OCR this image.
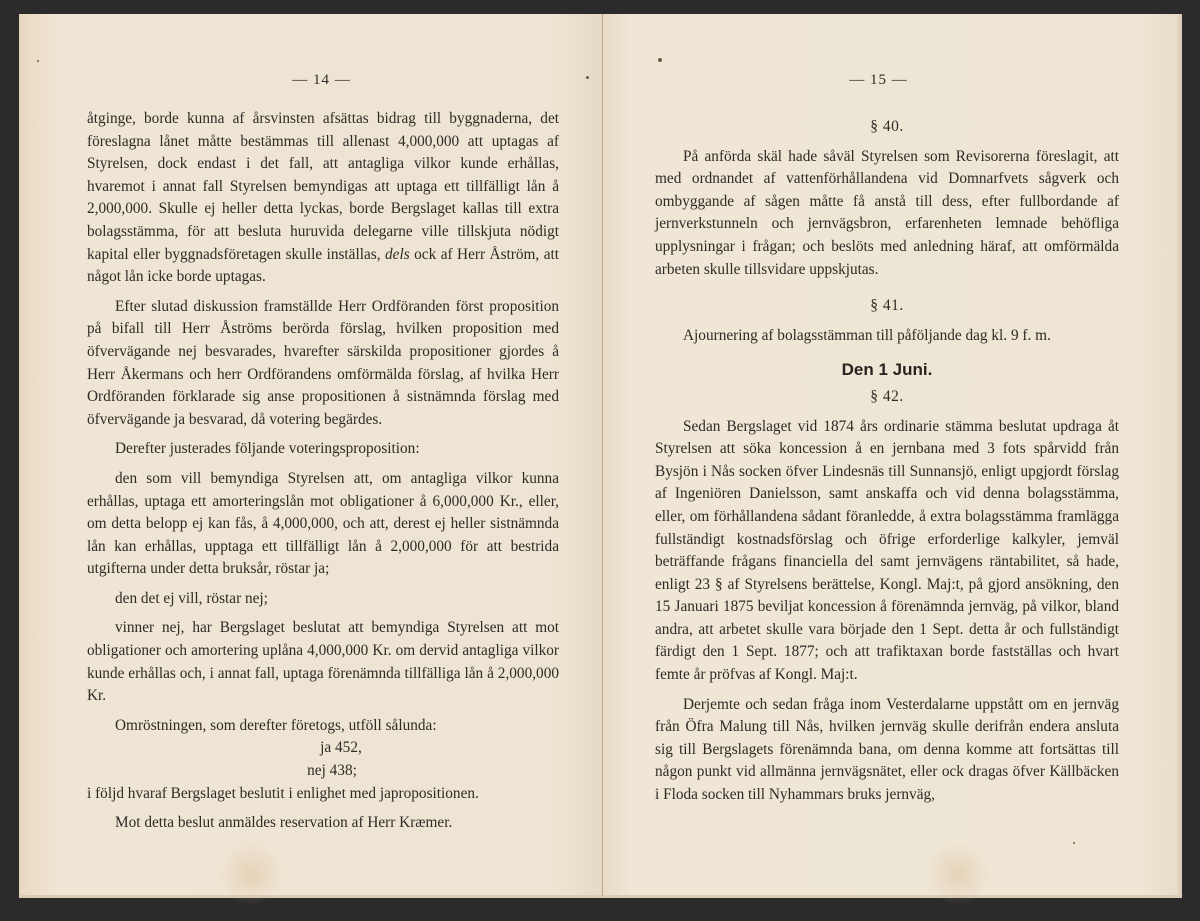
— 14 —

åtginge, borde kunna af årsvinsten afsättas bidrag till byggnaderna, det föreslagna lånet måtte bestämmas till allenast 4,000,000 att uptagas af Styrelsen, dock endast i det fall, att antagliga vilkor kunde erhållas, hvaremot i annat fall Styrelsen bemyndigas att uptaga ett tillfälligt lån å 2,000,000. Skulle ej heller detta lyckas, borde Bergslaget kallas till extra bolagsstämma, för att besluta huruvida delegarne ville tillskjuta nödigt kapital eller byggnadsföretagen skulle inställas, dels ock af Herr Åström, att något lån icke borde uptagas.

Efter slutad diskussion framställde Herr Ordföranden först proposition på bifall till Herr Åströms berörda förslag, hvilken proposition med öfvervägande nej besvarades, hvarefter särskilda propositioner gjordes å Herr Åkermans och herr Ordförandens omförmälda förslag, af hvilka Herr Ordföranden förklarade sig anse propositionen å sistnämnda förslag med öfvervägande ja besvarad, då votering begärdes.

Derefter justerades följande voteringsproposition:

den som vill bemyndiga Styrelsen att, om antagliga vilkor kunna erhållas, uptaga ett amorteringslån mot obligationer å 6,000,000 Kr., eller, om detta belopp ej kan fås, å 4,000,000, och att, derest ej heller sistnämnda lån kan erhållas, upptaga ett tillfälligt lån å 2,000,000 för att bestrida utgifterna under detta bruksår, röstar ja;

den det ej vill, röstar nej;

vinner nej, har Bergslaget beslutat att bemyndiga Styrelsen att mot obligationer och amortering uplåna 4,000,000 Kr. om dervid antagliga vilkor kunde erhållas och, i annat fall, uptaga förenämnda tillfälliga lån å 2,000,000 Kr.

Omröstningen, som derefter företogs, utföll sålunda:

ja 452,

nej 438;

i följd hvaraf Bergslaget beslutit i enlighet med japropositionen.

Mot detta beslut anmäldes reservation af Herr Kræmer.

— 15 —

§ 40.

På anförda skäl hade såväl Styrelsen som Revisorerna föreslagit, att med ordnandet af vattenförhållandena vid Domnarfvets sågverk och ombyggande af sågen måtte få anstå till dess, efter fullbordande af jernverkstunneln och jernvägsbron, erfarenheten lemnade behöfliga upplysningar i frågan; och beslöts med anledning häraf, att omförmälda arbeten skulle tillsvidare uppskjutas.

§ 41.

Ajournering af bolagsstämman till påföljande dag kl. 9 f. m.

Den 1 Juni.

§ 42.

Sedan Bergslaget vid 1874 års ordinarie stämma beslutat updraga åt Styrelsen att söka koncession å en jernbana med 3 fots spårvidd från Bysjön i Nås socken öfver Lindesnäs till Sunnansjö, enligt upgjordt förslag af Ingeniören Danielsson, samt anskaffa och vid denna bolagsstämma, eller, om förhållandena sådant föranledde, å extra bolagsstämma framlägga fullständigt kostnadsförslag och öfrige erforderlige kalkyler, jemväl beträffande frågans financiella del samt jernvägens räntabilitet, så hade, enligt 23 § af Styrelsens berättelse, Kongl. Maj:t, på gjord ansökning, den 15 Januari 1875 beviljat koncession å förenämnda jernväg, på vilkor, bland andra, att arbetet skulle vara började den 1 Sept. detta år och fullständigt färdigt den 1 Sept. 1877; och att trafiktaxan borde fastställas och hvart femte år pröfvas af Kongl. Maj:t.

Derjemte och sedan fråga inom Vesterdalarne uppstått om en jernväg från Öfra Malung till Nås, hvilken jernväg skulle derifrån endera ansluta sig till Bergslagets förenämnda bana, om denna komme att fortsättas till någon punkt vid allmänna jernvägsnätet, eller ock dragas öfver Källbäcken i Floda socken till Nyhammars bruks jernväg,
